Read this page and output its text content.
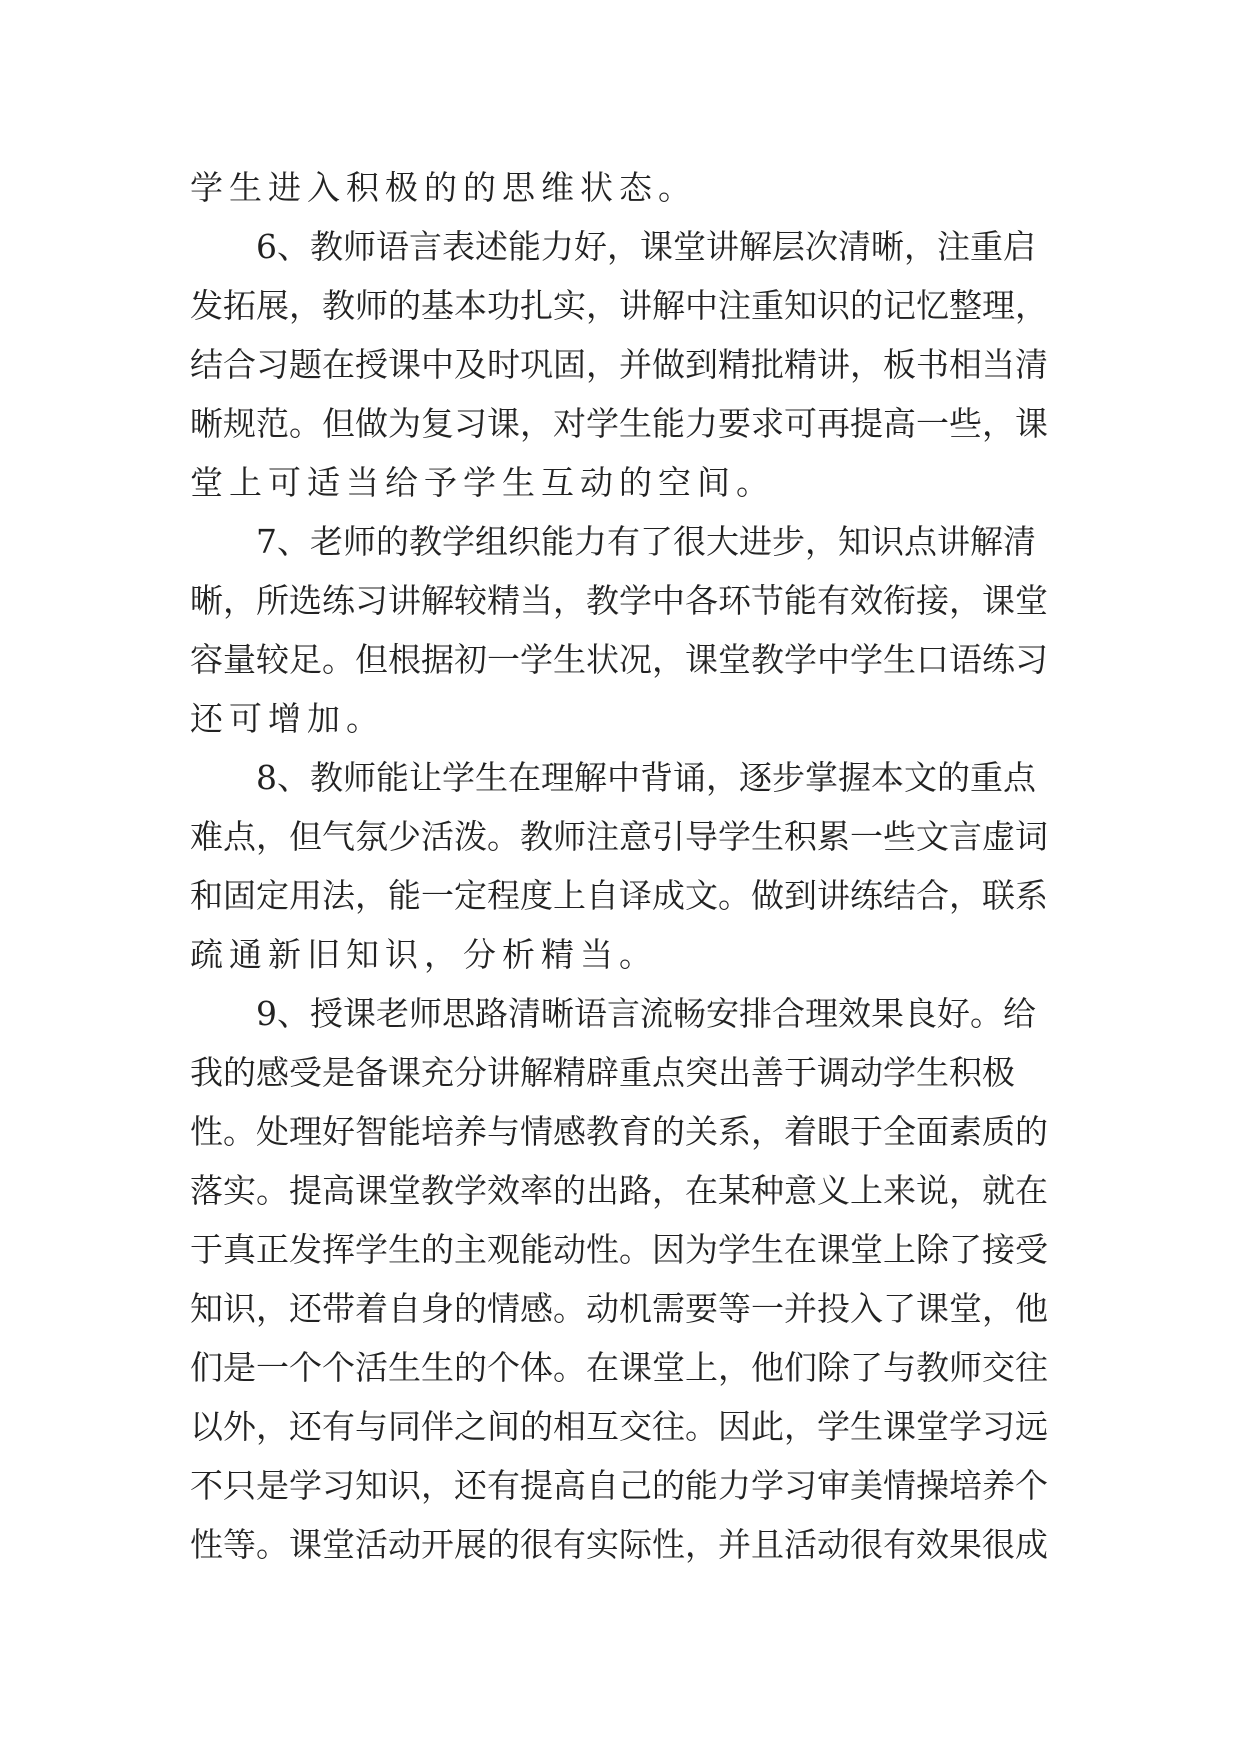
学生进入积极的的思维状态。
　　6、教师语言表述能力好，课堂讲解层次清晰，注重启
发拓展，教师的基本功扎实，讲解中注重知识的记忆整理，
结合习题在授课中及时巩固，并做到精批精讲，板书相当清
晰规范。但做为复习课，对学生能力要求可再提高一些，课
堂上可适当给予学生互动的空间。
　　7、老师的教学组织能力有了很大进步，知识点讲解清
晰，所选练习讲解较精当，教学中各环节能有效衔接，课堂
容量较足。但根据初一学生状况，课堂教学中学生口语练习
还可增加。
　　8、教师能让学生在理解中背诵，逐步掌握本文的重点
难点，但气氛少活泼。教师注意引导学生积累一些文言虚词
和固定用法，能一定程度上自译成文。做到讲练结合，联系
疏通新旧知识，分析精当。
　　9、授课老师思路清晰语言流畅安排合理效果良好。给
我的感受是备课充分讲解精辟重点突出善于调动学生积极
性。处理好智能培养与情感教育的关系，着眼于全面素质的
落实。提高课堂教学效率的出路，在某种意义上来说，就在
于真正发挥学生的主观能动性。因为学生在课堂上除了接受
知识，还带着自身的情感。动机需要等一并投入了课堂，他
们是一个个活生生的个体。在课堂上，他们除了与教师交往
以外，还有与同伴之间的相互交往。因此，学生课堂学习远
不只是学习知识，还有提高自己的能力学习审美情操培养个
性等。课堂活动开展的很有实际性，并且活动很有效果很成
